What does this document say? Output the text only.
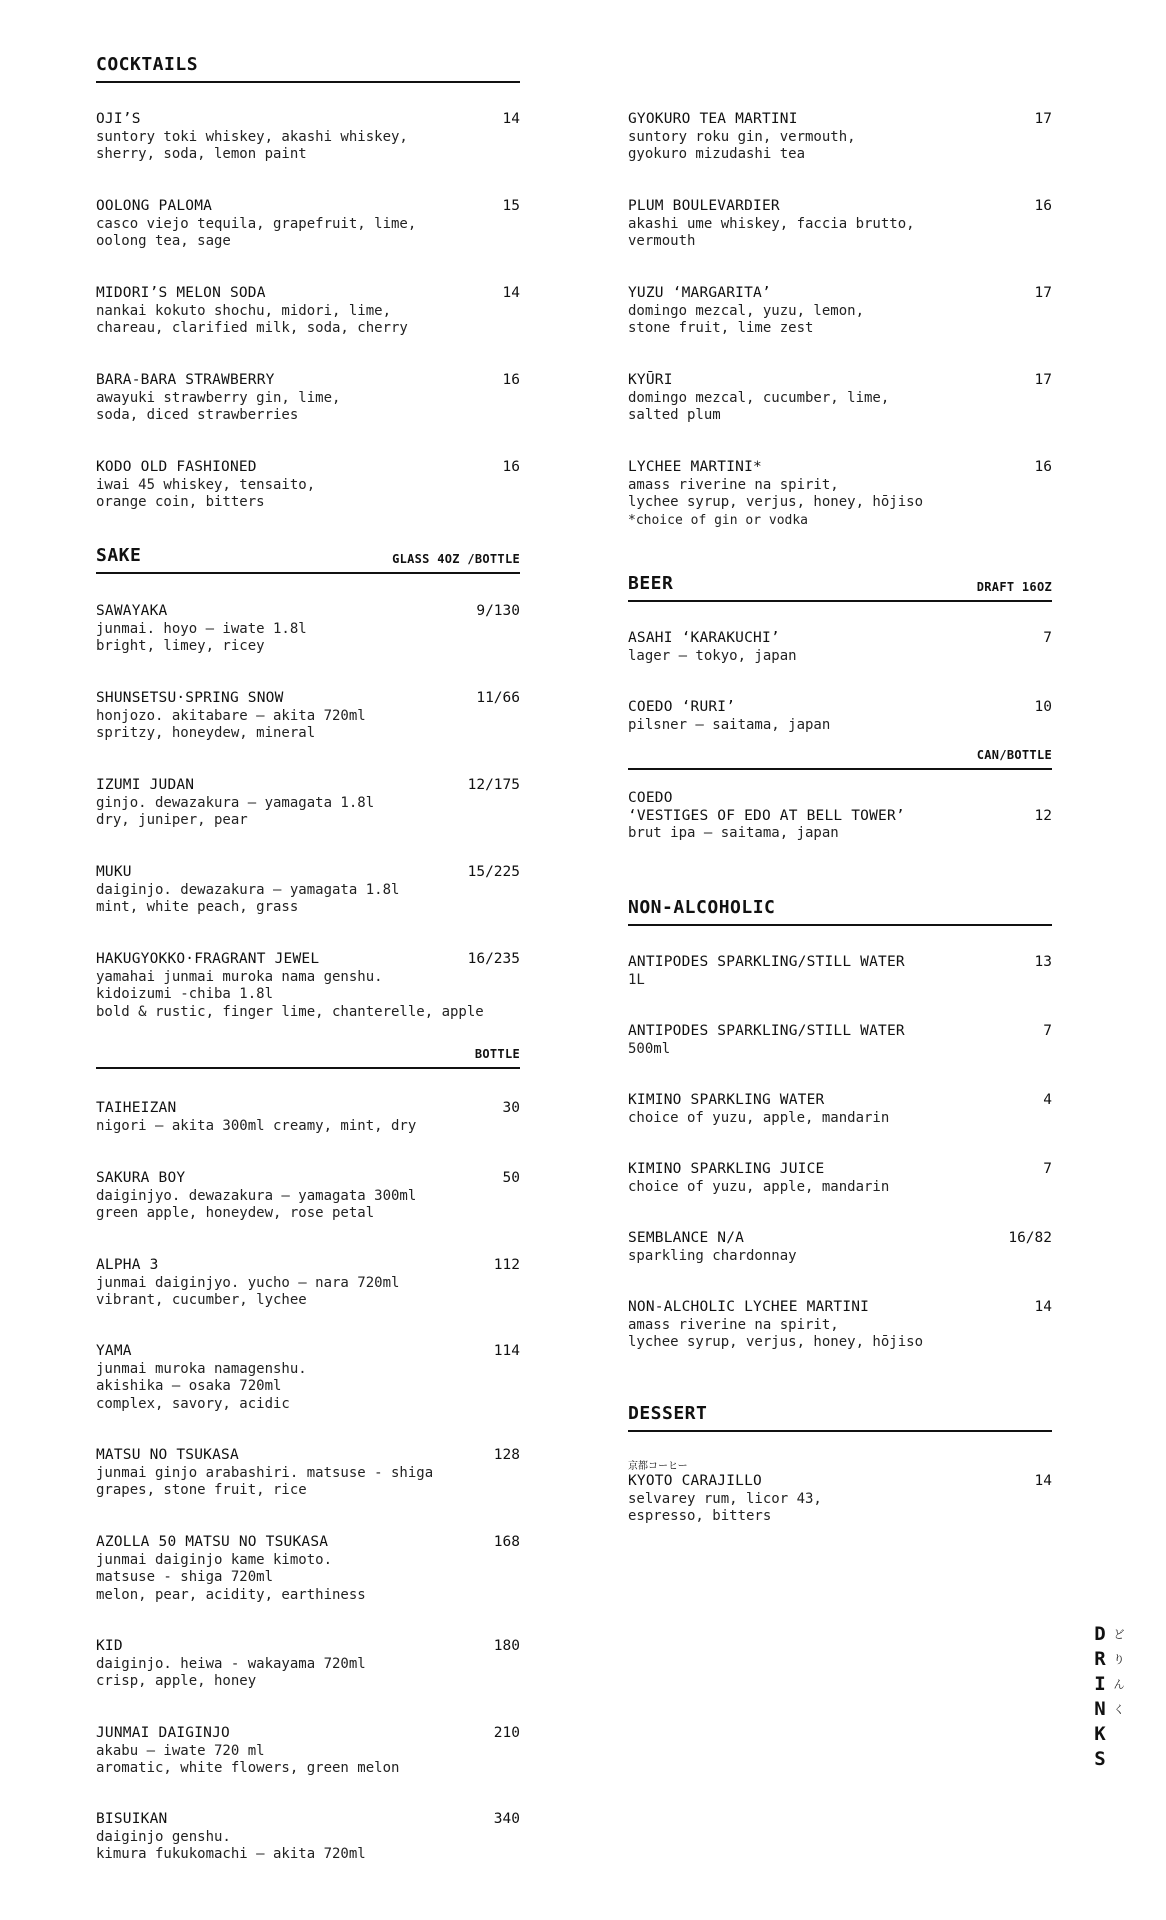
COCKTAILS
OJI’S	14
suntory toki whiskey, akashi whiskey,
sherry, soda, lemon paint
OOLONG PALOMA	15
casco viejo tequila, grapefruit, lime,
oolong tea, sage
MIDORI’S MELON SODA	14
nankai kokuto shochu, midori, lime,
chareau, clarified milk, soda, cherry
BARA-BARA STRAWBERRY	16
awayuki strawberry gin, lime,
soda, diced strawberries
KODO OLD FASHIONED	16
iwai 45 whiskey, tensaito,
orange coin, bitters
SAKE	GLASS 4OZ /BOTTLE
SAWAYAKA	9/130
junmai. hoyo — iwate 1.8l
bright, limey, ricey
SHUNSETSU·SPRING SNOW	11/66
honjozo. akitabare — akita 720ml
spritzy, honeydew, mineral
IZUMI JUDAN	12/175
ginjo. dewazakura — yamagata 1.8l
dry, juniper, pear
MUKU	15/225
daiginjo. dewazakura — yamagata 1.8l
mint, white peach, grass
HAKUGYOKKO·FRAGRANT JEWEL	16/235
yamahai junmai muroka nama genshu.
kidoizumi -chiba 1.8l
bold & rustic, finger lime, chanterelle, apple
BOTTLE
TAIHEIZAN	30
nigori — akita 300ml creamy, mint, dry
SAKURA BOY	50
daiginjyo. dewazakura — yamagata 300ml
green apple, honeydew, rose petal
ALPHA 3	112
junmai daiginjyo. yucho — nara 720ml
vibrant, cucumber, lychee
YAMA	114
junmai muroka namagenshu.
akishika — osaka 720ml
complex, savory, acidic
MATSU NO TSUKASA	128
junmai ginjo arabashiri. matsuse - shiga
grapes, stone fruit, rice
AZOLLA 50 MATSU NO TSUKASA	168
junmai daiginjo kame kimoto.
matsuse - shiga 720ml
melon, pear, acidity, earthiness
KID	180
daiginjo. heiwa - wakayama 720ml
crisp, apple, honey
JUNMAI DAIGINJO	210
akabu — iwate 720 ml
aromatic, white flowers, green melon
BISUIKAN	340
daiginjo genshu.
kimura fukukomachi — akita 720ml
GYOKURO TEA MARTINI	17
suntory roku gin, vermouth,
gyokuro mizudashi tea
PLUM BOULEVARDIER	16
akashi ume whiskey, faccia brutto,
vermouth
YUZU ‘MARGARITA’	17
domingo mezcal, yuzu, lemon,
stone fruit, lime zest
KYŪRI	17
domingo mezcal, cucumber, lime,
salted plum
LYCHEE MARTINI*	16
amass riverine na spirit,
lychee syrup, verjus, honey, hōjiso
*choice of gin or vodka
BEER	DRAFT 16OZ
ASAHI ‘KARAKUCHI’	7
lager — tokyo, japan
COEDO ‘RURI’	10
pilsner — saitama, japan
CAN/BOTTLE
COEDO
‘VESTIGES OF EDO AT BELL TOWER’	12
brut ipa — saitama, japan
NON-ALCOHOLIC
ANTIPODES SPARKLING/STILL WATER	13
1L
ANTIPODES SPARKLING/STILL WATER	7
500ml
KIMINO SPARKLING WATER	4
choice of yuzu, apple, mandarin
KIMINO SPARKLING JUICE	7
choice of yuzu, apple, mandarin
SEMBLANCE N/A	16/82
sparkling chardonnay
NON-ALCHOLIC LYCHEE MARTINI	14
amass riverine na spirit,
lychee syrup, verjus, honey, hōjiso
DESSERT
京都コーヒー
KYOTO CARAJILLO	14
selvarey rum, licor 43,
espresso, bitters
D
R
I
N
K
S
ど
り
ん
く
